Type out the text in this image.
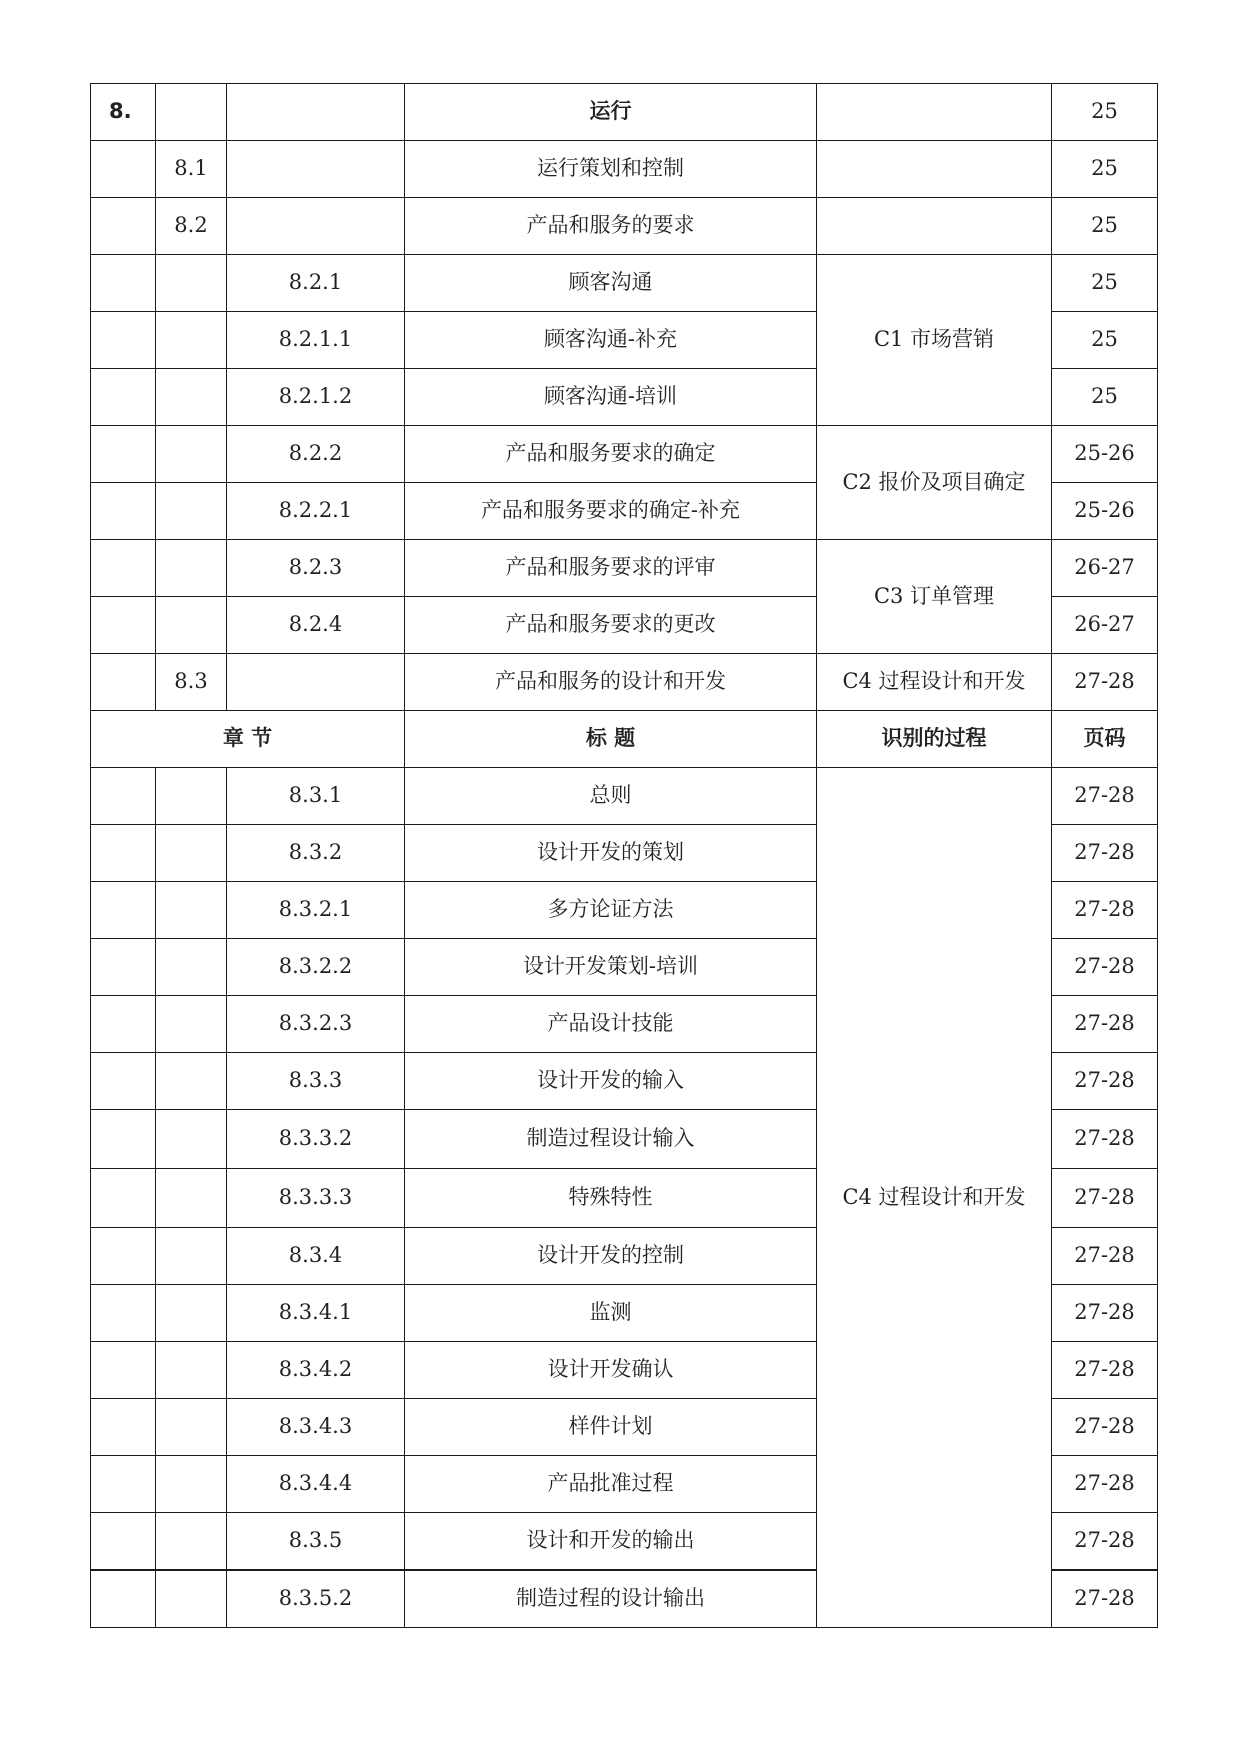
8.			运行		25
	8.1		运行策划和控制		25
	8.2		产品和服务的要求		25
		8.2.1	顾客沟通	C1 市场营销	25
		8.2.1.1	顾客沟通-补充		25
		8.2.1.2	顾客沟通-培训		25
		8.2.2	产品和服务要求的确定	C2 报价及项目确定	25-26
		8.2.2.1	产品和服务要求的确定-补充		25-26
		8.2.3	产品和服务要求的评审	C3 订单管理	26-27
		8.2.4	产品和服务要求的更改		26-27
	8.3		产品和服务的设计和开发	C4 过程设计和开发	27-28
章 节			标 题	识别的过程	页码
		8.3.1	总则	C4 过程设计和开发	27-28
		8.3.2	设计开发的策划		27-28
		8.3.2.1	多方论证方法		27-28
		8.3.2.2	设计开发策划-培训		27-28
		8.3.2.3	产品设计技能		27-28
		8.3.3	设计开发的输入		27-28
		8.3.3.2	制造过程设计输入		27-28
		8.3.3.3	特殊特性		27-28
		8.3.4	设计开发的控制		27-28
		8.3.4.1	监测		27-28
		8.3.4.2	设计开发确认		27-28
		8.3.4.3	样件计划		27-28
		8.3.4.4	产品批准过程		27-28
		8.3.5	设计和开发的输出		27-28
		8.3.5.2	制造过程的设计输出		27-28
